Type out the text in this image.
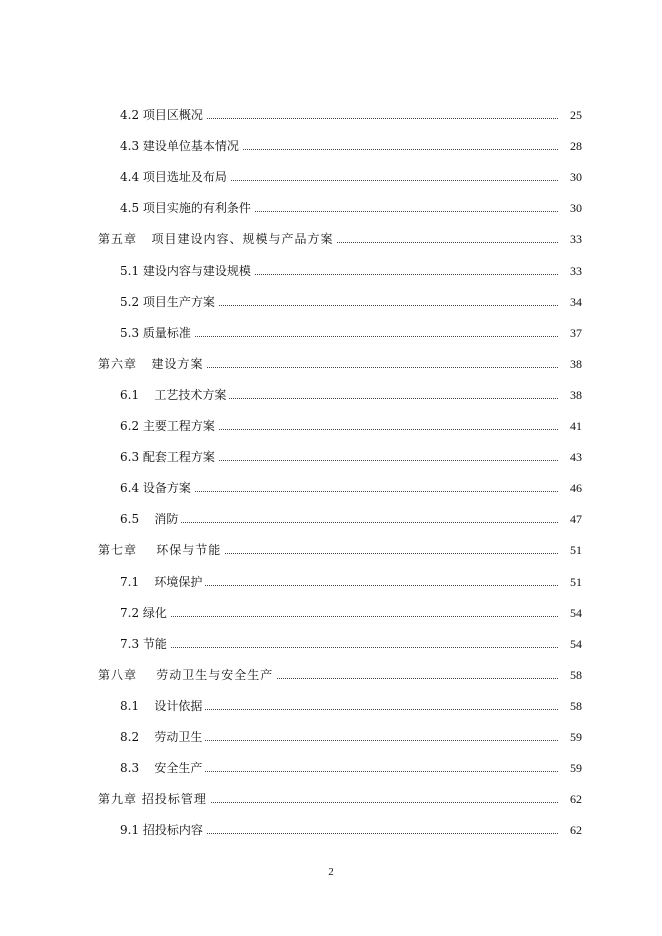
4.2 项目区概况	25
4.3 建设单位基本情况	28
4.4 项目选址及布局	30
4.5 项目实施的有利条件	30
第五章   项目建设内容、规模与产品方案	33
5.1 建设内容与建设规模	33
5.2 项目生产方案	34
5.3 质量标准	37
第六章   建设方案	38
6.1    工艺技术方案	38
6.2 主要工程方案	41
6.3 配套工程方案	43
6.4 设备方案	46
6.5    消防	47
第七章    环保与节能	51
7.1    环境保护	51
7.2 绿化	54
7.3 节能	54
第八章    劳动卫生与安全生产	58
8.1    设计依据	58
8.2    劳动卫生	59
8.3    安全生产	59
第九章 招投标管理	62
9.1 招投标内容	62
2
